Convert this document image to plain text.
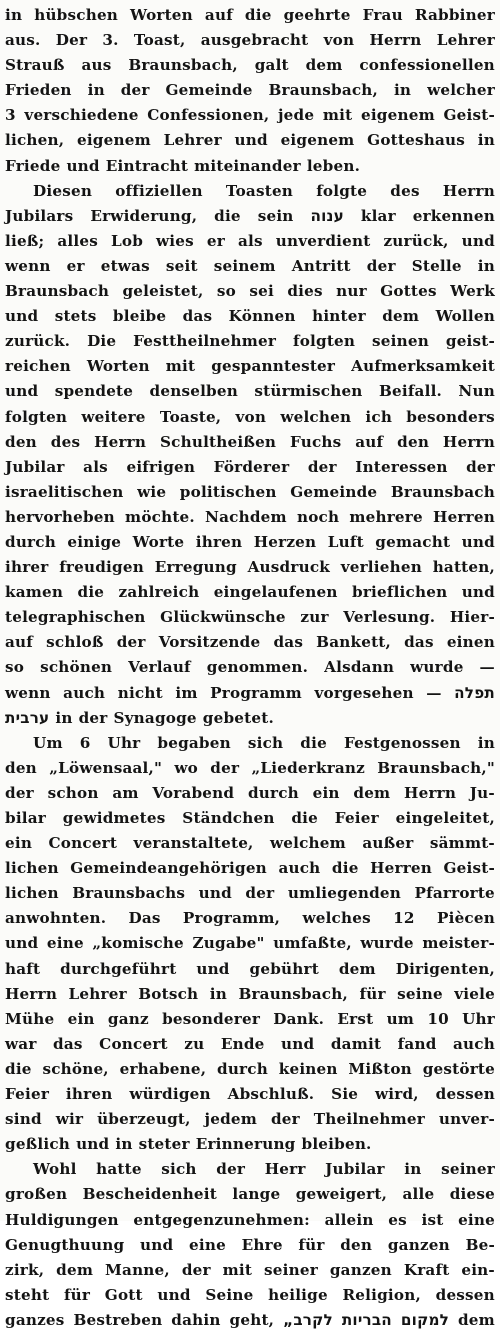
in hübschen Worten auf die geehrte Frau Rabbiner
aus. Der 3. Toast, ausgebracht von Herrn Lehrer
Strauß aus Braunsbach, galt dem confessionellen
Frieden in der Gemeinde Braunsbach, in welcher
3 verschiedene Confessionen, jede mit eigenem Geist-
lichen, eigenem Lehrer und eigenem Gotteshaus in
Friede und Eintracht miteinander leben.
Diesen offiziellen Toasten folgte des Herrn
Jubilars Erwiderung, die sein ענוה klar erkennen
ließ; alles Lob wies er als unverdient zurück, und
wenn er etwas seit seinem Antritt der Stelle in
Braunsbach geleistet, so sei dies nur Gottes Werk
und stets bleibe das Können hinter dem Wollen
zurück. Die Festtheilnehmer folgten seinen geist-
reichen Worten mit gespanntester Aufmerksamkeit
und spendete denselben stürmischen Beifall. Nun
folgten weitere Toaste, von welchen ich besonders
den des Herrn Schultheißen Fuchs auf den Herrn
Jubilar als eifrigen Förderer der Interessen der
israelitischen wie politischen Gemeinde Braunsbach
hervorheben möchte. Nachdem noch mehrere Herren
durch einige Worte ihren Herzen Luft gemacht und
ihrer freudigen Erregung Ausdruck verliehen hatten,
kamen die zahlreich eingelaufenen brieflichen und
telegraphischen Glückwünsche zur Verlesung. Hier-
auf schloß der Vorsitzende das Bankett, das einen
so schönen Verlauf genommen. Alsdann wurde —
wenn auch nicht im Programm vorgesehen — תפלה
ערבית in der Synagoge gebetet.
Um 6 Uhr begaben sich die Festgenossen in
den „Löwensaal," wo der „Liederkranz Braunsbach,"
der schon am Vorabend durch ein dem Herrn Ju-
bilar gewidmetes Ständchen die Feier eingeleitet,
ein Concert veranstaltete, welchem außer sämmt-
lichen Gemeindeangehörigen auch die Herren Geist-
lichen Braunsbachs und der umliegenden Pfarrorte
anwohnten. Das Programm, welches 12 Piècen
und eine „komische Zugabe" umfaßte, wurde meister-
haft durchgeführt und gebührt dem Dirigenten,
Herrn Lehrer Botsch in Braunsbach, für seine viele
Mühe ein ganz besonderer Dank. Erst um 10 Uhr
war das Concert zu Ende und damit fand auch
die schöne, erhabene, durch keinen Mißton gestörte
Feier ihren würdigen Abschluß. Sie wird, dessen
sind wir überzeugt, jedem der Theilnehmer unver-
geßlich und in steter Erinnerung bleiben.
Wohl hatte sich der Herr Jubilar in seiner
großen Bescheidenheit lange geweigert, alle diese
Huldigungen entgegenzunehmen: allein es ist eine
Genugthuung und eine Ehre für den ganzen Be-
zirk, dem Manne, der mit seiner ganzen Kraft ein-
steht für Gott und Seine heilige Religion, dessen
ganzes Bestreben dahin geht, „לקרב הבריות למקום dem
